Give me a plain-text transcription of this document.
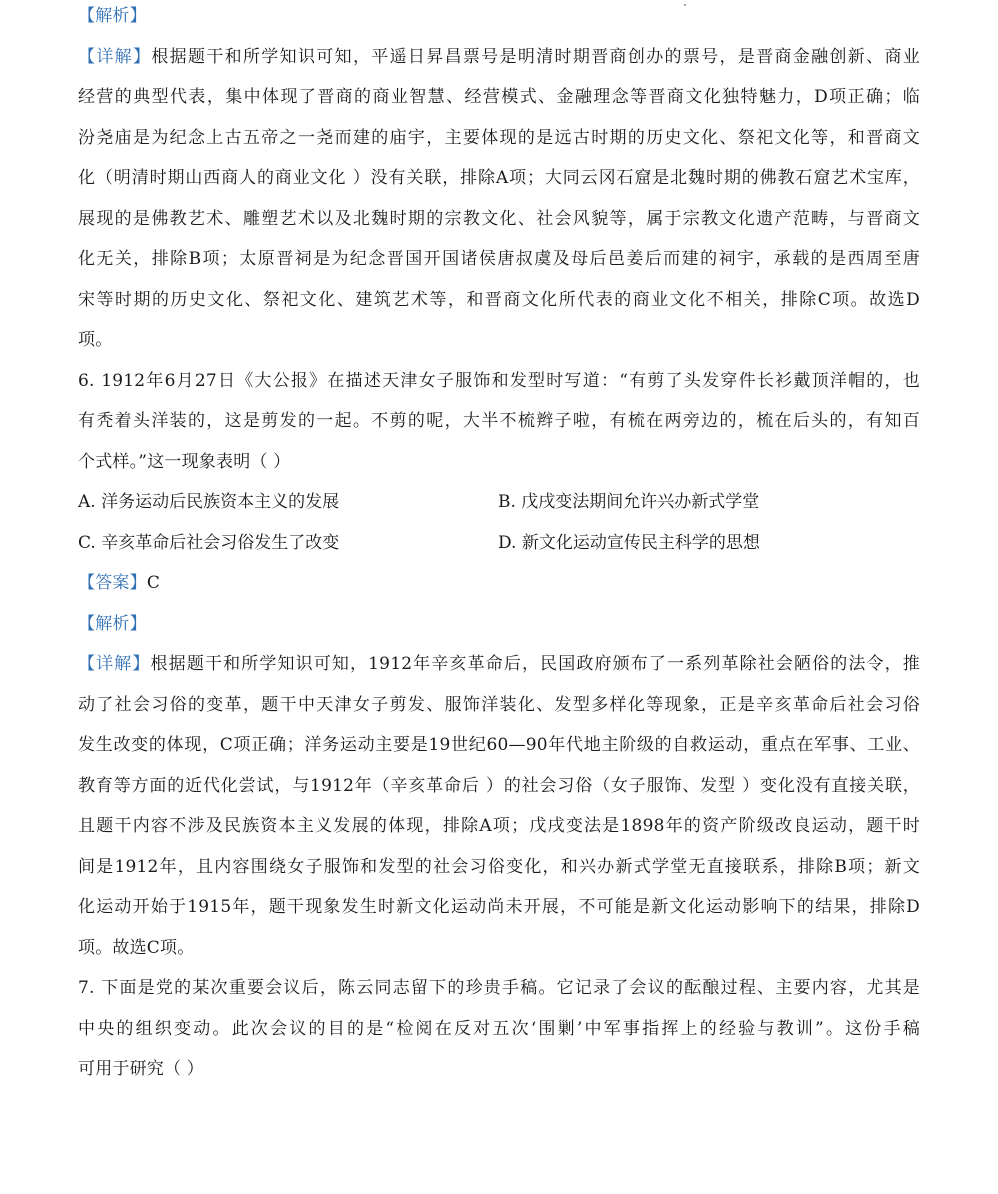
【解析】
【详解】根据题干和所学知识可知，平遥日昇昌票号是明清时期晋商创办的票号，是晋商金融创新、商业
经营的典型代表，集中体现了晋商的商业智慧、经营模式、金融理念等晋商文化独特魅力，D项正确；临
汾尧庙是为纪念上古五帝之一尧而建的庙宇，主要体现的是远古时期的历史文化、祭祀文化等，和晋商文
化（明清时期山西商人的商业文化 ）没有关联，排除A项；大同云冈石窟是北魏时期的佛教石窟艺术宝库，
展现的是佛教艺术、雕塑艺术以及北魏时期的宗教文化、社会风貌等，属于宗教文化遗产范畴，与晋商文
化无关，排除B项；太原晋祠是为纪念晋国开国诸侯唐叔虞及母后邑姜后而建的祠宇，承载的是西周至唐
宋等时期的历史文化、祭祀文化、建筑艺术等，和晋商文化所代表的商业文化不相关，排除C项。故选D
项。
6. 1912年6月27日《大公报》在描述天津女子服饰和发型时写道：“有剪了头发穿件长衫戴顶洋帽的，也
有秃着头洋装的，这是剪发的一起。不剪的呢，大半不梳辫子啦，有梳在两旁边的，梳在后头的，有知百
个式样。”这一现象表明（ ）
A. 洋务运动后民族资本主义的发展	B. 戊戌变法期间允许兴办新式学堂
C. 辛亥革命后社会习俗发生了改变	D. 新文化运动宣传民主科学的思想
【答案】C
【解析】
【详解】根据题干和所学知识可知，1912年辛亥革命后，民国政府颁布了一系列革除社会陋俗的法令，推
动了社会习俗的变革，题干中天津女子剪发、服饰洋装化、发型多样化等现象，正是辛亥革命后社会习俗
发生改变的体现，C项正确；洋务运动主要是19世纪60—90年代地主阶级的自救运动，重点在军事、工业、
教育等方面的近代化尝试，与1912年（辛亥革命后 ）的社会习俗（女子服饰、发型 ）变化没有直接关联，
且题干内容不涉及民族资本主义发展的体现，排除A项；戊戌变法是1898年的资产阶级改良运动，题干时
间是1912年，且内容围绕女子服饰和发型的社会习俗变化，和兴办新式学堂无直接联系，排除B项；新文
化运动开始于1915年，题干现象发生时新文化运动尚未开展，不可能是新文化运动影响下的结果，排除D
项。故选C项。
7. 下面是党的某次重要会议后，陈云同志留下的珍贵手稿。它记录了会议的酝酿过程、主要内容，尤其是
中央的组织变动。此次会议的目的是“检阅在反对五次‘围剿’中军事指挥上的经验与教训”。这份手稿
可用于研究（ ）
